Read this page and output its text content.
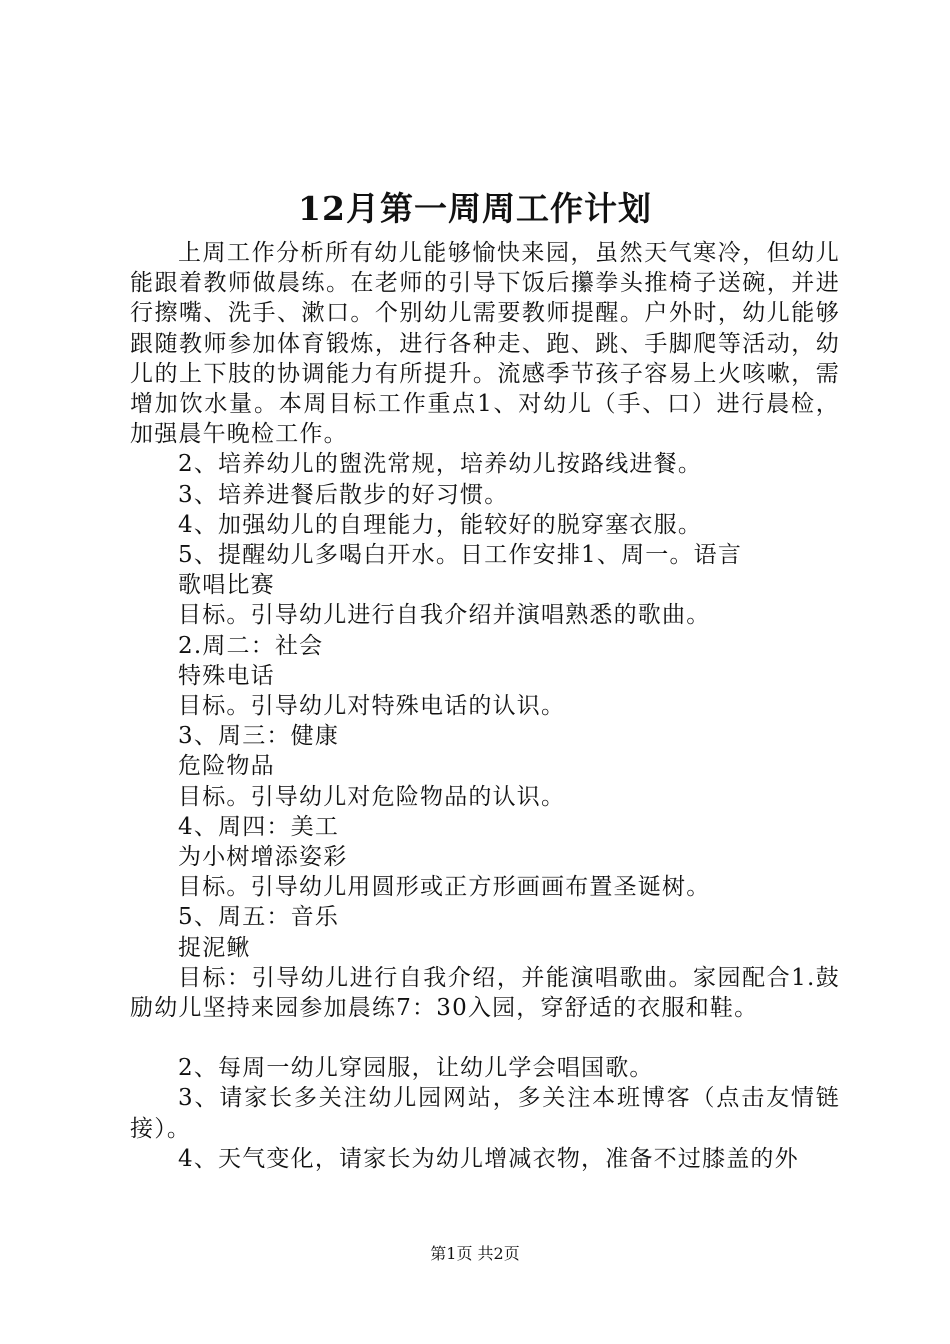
12月第一周周工作计划

上周工作分析所有幼儿能够愉快来园，虽然天气寒冷，但幼儿能跟着教师做晨练。在老师的引导下饭后攥拳头推椅子送碗，并进行擦嘴、洗手、漱口。个别幼儿需要教师提醒。户外时，幼儿能够跟随教师参加体育锻炼，进行各种走、跑、跳、手脚爬等活动，幼儿的上下肢的协调能力有所提升。流感季节孩子容易上火咳嗽，需增加饮水量。本周目标工作重点1、对幼儿（手、口）进行晨检，加强晨午晚检工作。

2、培养幼儿的盥洗常规，培养幼儿按路线进餐。

3、培养进餐后散步的好习惯。

4、加强幼儿的自理能力，能较好的脱穿塞衣服。

5、提醒幼儿多喝白开水。日工作安排1、周一。语言

歌唱比赛

目标。引导幼儿进行自我介绍并演唱熟悉的歌曲。

2.周二：社会

特殊电话

目标。引导幼儿对特殊电话的认识。

3、周三：健康

危险物品

目标。引导幼儿对危险物品的认识。

4、周四：美工

为小树增添姿彩

目标。引导幼儿用圆形或正方形画画布置圣诞树。

5、周五：音乐

捉泥鳅

目标：引导幼儿进行自我介绍，并能演唱歌曲。家园配合1.鼓励幼儿坚持来园参加晨练7：30入园，穿舒适的衣服和鞋。

2、每周一幼儿穿园服，让幼儿学会唱国歌。

3、请家长多关注幼儿园网站，多关注本班博客（点击友情链接）。

4、天气变化，请家长为幼儿增减衣物，准备不过膝盖的外

第1页 共2页
